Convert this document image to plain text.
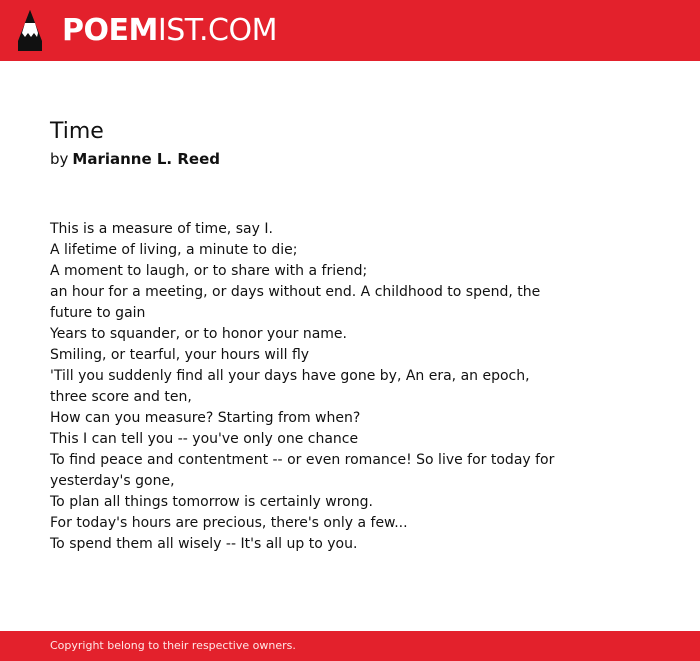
POEMIST.COM
Time
by Marianne L. Reed
This is a measure of time, say I.
A lifetime of living, a minute to die;
A moment to laugh, or to share with a friend;
an hour for a meeting, or days without end. A childhood to spend, the future to gain
Years to squander, or to honor your name.
Smiling, or tearful, your hours will fly
'Till you suddenly find all your days have gone by, An era, an epoch, three score and ten,
How can you measure? Starting from when?
This I can tell you -- you've only one chance
To find peace and contentment -- or even romance! So live for today for yesterday's gone,
To plan all things tomorrow is certainly wrong.
For today's hours are precious, there's only a few...
To spend them all wisely -- It's all up to you.
Copyright belong to their respective owners.
